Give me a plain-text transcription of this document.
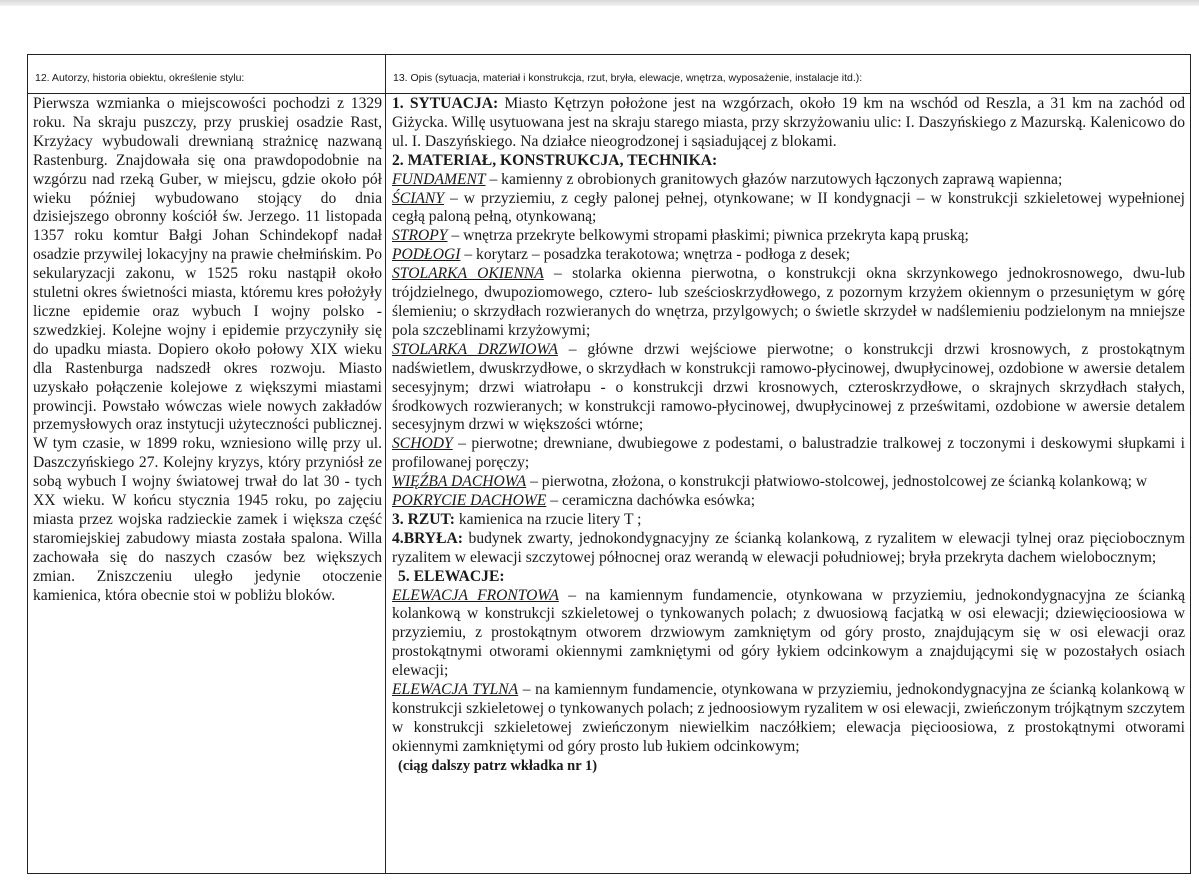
12. Autorzy, historia obiektu, określenie stylu:	13. Opis (sytuacja, materiał i konstrukcja, rzut, bryła, elewacje, wnętrza, wyposażenie, instalacje itd.):

Pierwsza wzmianka o miejscowości pochodzi z 1329 roku. Na skraju puszczy, przy pruskiej osadzie Rast, Krzyżacy wybudowali drewnianą strażnicę nazwaną Rastenburg. Znajdowała się ona prawdopodobnie na wzgórzu nad rzeką Guber, w miejscu, gdzie około pół wieku później wybudowano stojący do dnia dzisiejszego obronny kościół św. Jerzego. 11 listopada 1357 roku komtur Bałgi Johan Schindekopf nadał osadzie przywilej lokacyjny na prawie chełmińskim. Po sekularyzacji zakonu, w 1525 roku nastąpił około stuletni okres świetności miasta, któremu kres położyły liczne epidemie oraz wybuch I wojny polsko - szwedzkiej. Kolejne wojny i epidemie przyczyniły się do upadku miasta. Dopiero około połowy XIX wieku dla Rastenburga nadszedł okres rozwoju. Miasto uzyskało połączenie kolejowe z większymi miastami prowincji. Powstało wówczas wiele nowych zakładów przemysłowych oraz instytucji użyteczności publicznej. W tym czasie, w 1899 roku, wzniesiono willę przy ul. Daszczyńskiego 27. Kolejny kryzys, który przyniósł ze sobą wybuch I wojny światowej trwał do lat 30 - tych XX wieku. W końcu stycznia 1945 roku, po zajęciu miasta przez wojska radzieckie zamek i większa część staromiejskiej zabudowy miasta została spalona. Willa zachowała się do naszych czasów bez większych zmian. Zniszczeniu uległo jedynie otoczenie kamienica, która obecnie stoi w pobliżu bloków.

1. SYTUACJA: Miasto Kętrzyn położone jest na wzgórzach, około 19 km na wschód od Reszla, a 31 km na zachód od Giżycka. Willę usytuowana jest na skraju starego miasta, przy skrzyżowaniu ulic: I. Daszyńskiego z Mazurską. Kalenicowo do ul. I. Daszyńskiego. Na działce nieogrodzonej i sąsiadującej z blokami.

2. MATERIAŁ, KONSTRUKCJA, TECHNIKA:

FUNDAMENT – kamienny z obrobionych granitowych głazów narzutowych łączonych zaprawą wapienna;

ŚCIANY – w przyziemiu, z cegły palonej pełnej, otynkowane; w II kondygnacji – w konstrukcji szkieletowej wypełnionej cegłą paloną pełną, otynkowaną;

STROPY – wnętrza przekryte belkowymi stropami płaskimi; piwnica przekryta kapą pruską;

PODŁOGI – korytarz – posadzka terakotowa; wnętrza - podłoga z desek;

STOLARKA OKIENNA – stolarka okienna pierwotna, o konstrukcji okna skrzynkowego jednokrosnowego, dwu-lub trójdzielnego, dwupoziomowego, cztero- lub sześcioskrzydłowego, z pozornym krzyżem okiennym o przesuniętym w górę ślemieniu; o skrzydłach rozwieranych do wnętrza, przylgowych; o świetle skrzydeł w nadślemieniu podzielonym na mniejsze pola szczeblinami krzyżowymi;

STOLARKA DRZWIOWA – główne drzwi wejściowe pierwotne; o konstrukcji drzwi krosnowych, z prostokątnym nadświetlem, dwuskrzydłowe, o skrzydłach w konstrukcji ramowo-płycinowej, dwupłycinowej, ozdobione w awersie detalem secesyjnym; drzwi wiatrołapu - o konstrukcji drzwi krosnowych, czteroskrzydłowe, o skrajnych skrzydłach stałych, środkowych rozwieranych; w konstrukcji ramowo-płycinowej, dwupłycinowej z prześwitami, ozdobione w awersie detalem secesyjnym drzwi w większości wtórne;

SCHODY – pierwotne; drewniane, dwubiegowe z podestami, o balustradzie tralkowej z toczonymi i deskowymi słupkami i profilowanej poręczy;

WIĘŹBA DACHOWA – pierwotna, złożona, o konstrukcji płatwiowo-stolcowej, jednostolcowej ze ścianką kolankową; w

POKRYCIE DACHOWE – ceramiczna dachówka esówka;

3. RZUT: kamienica na rzucie litery T ;

4.BRYŁA: budynek zwarty, jednokondygnacyjny ze ścianką kolankową, z ryzalitem w elewacji tylnej oraz pięciobocznym ryzalitem w elewacji szczytowej północnej oraz werandą w elewacji południowej; bryła przekryta dachem wielobocznym;

5. ELEWACJE:

ELEWACJA FRONTOWA – na kamiennym fundamencie, otynkowana w przyziemiu, jednokondygnacyjna ze ścianką kolankową w konstrukcji szkieletowej o tynkowanych polach; z dwuosiową facjatką w osi elewacji; dziewięcioosiowa w przyziemiu, z prostokątnym otworem drzwiowym zamkniętym od góry prosto, znajdującym się w osi elewacji oraz prostokątnymi otworami okiennymi zamkniętymi od góry łykiem odcinkowym a znajdującymi się w pozostałych osiach elewacji;

ELEWACJA TYLNA – na kamiennym fundamencie, otynkowana w przyziemiu, jednokondygnacyjna ze ścianką kolankową w konstrukcji szkieletowej o tynkowanych polach; z jednoosiowym ryzalitem w osi elewacji, zwieńczonym trójkątnym szczytem w konstrukcji szkieletowej zwieńczonym niewielkim naczółkiem; elewacja pięcioosiowa, z prostokątnymi otworami okiennymi zamkniętymi od góry prosto lub łukiem odcinkowym;

(ciąg dalszy patrz wkładka nr 1)
